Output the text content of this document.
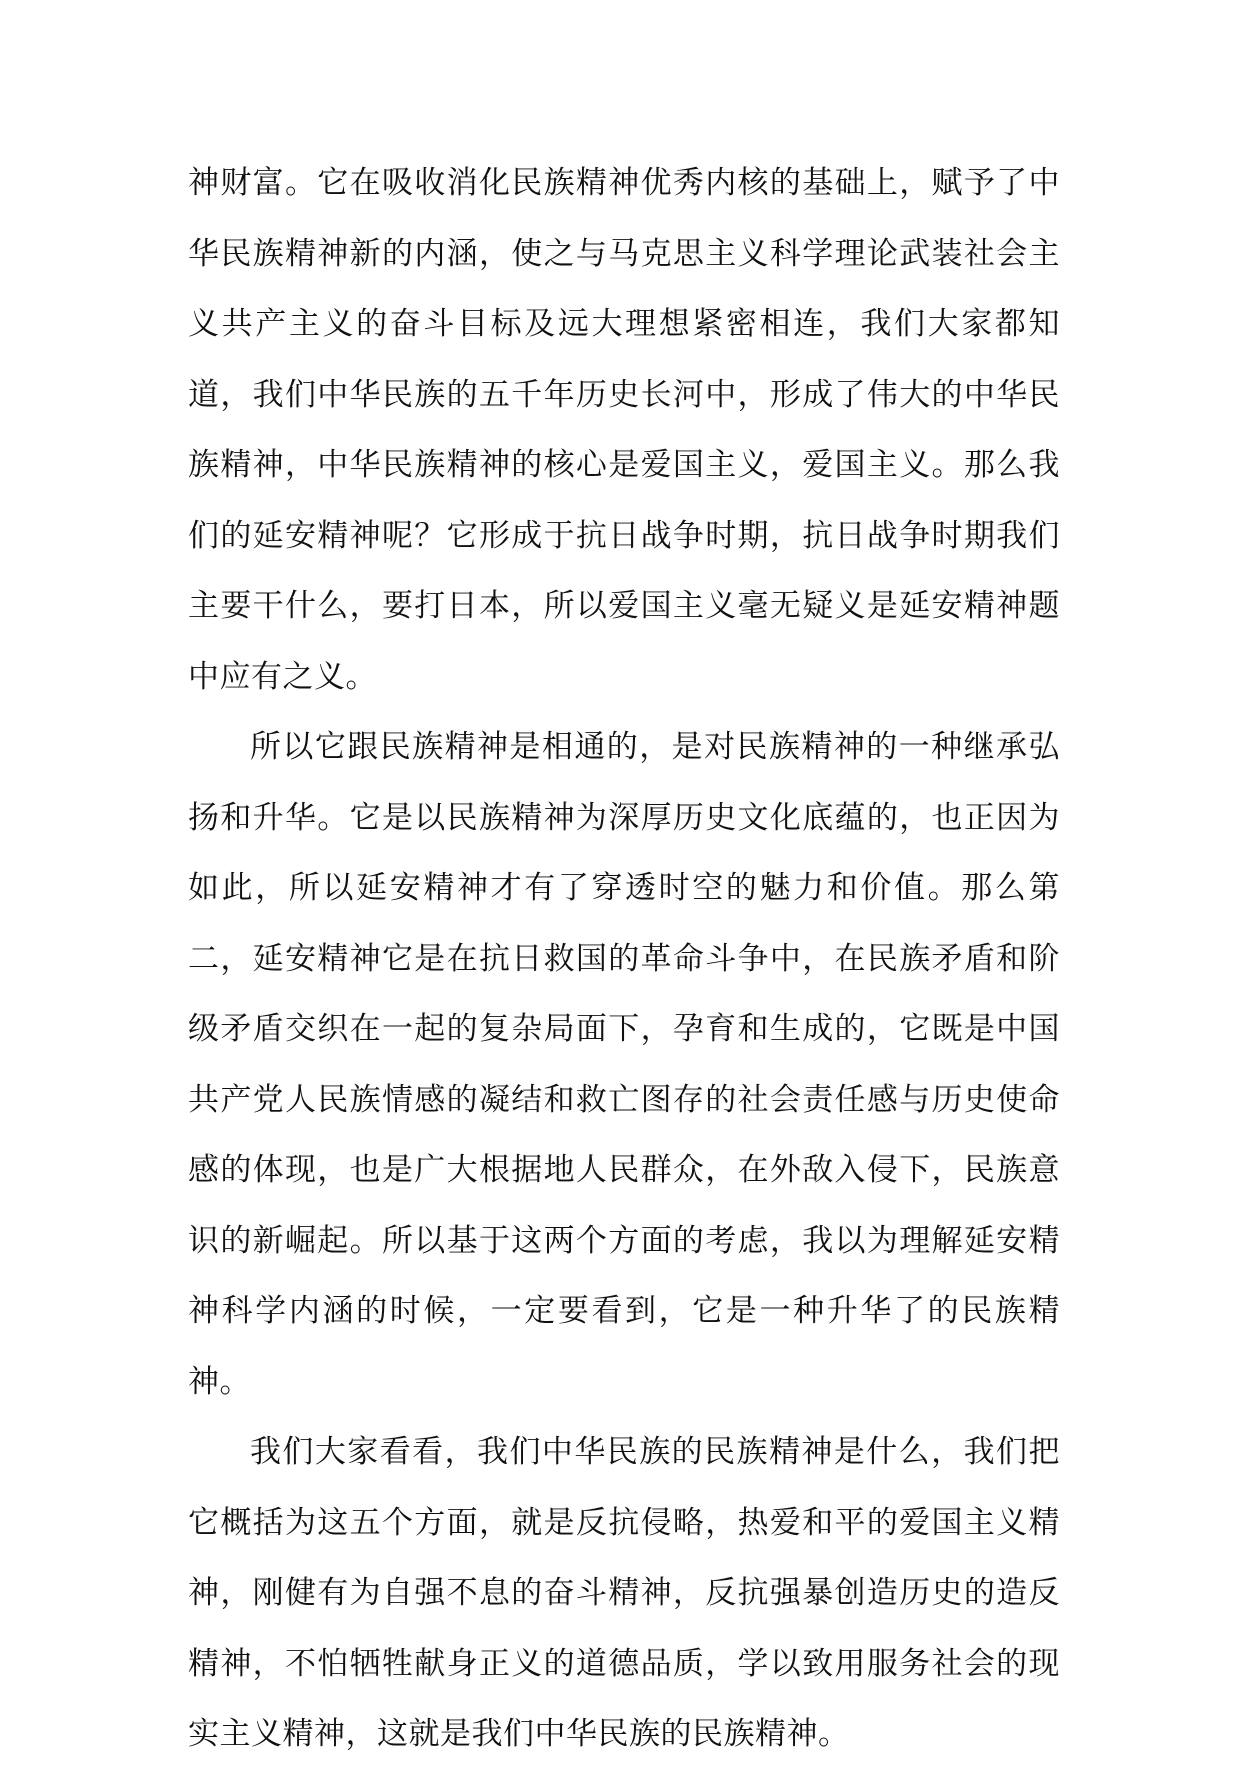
神财富。它在吸收消化民族精神优秀内核的基础上，赋予了中华民族精神新的内涵，使之与马克思主义科学理论武装社会主义共产主义的奋斗目标及远大理想紧密相连，我们大家都知道，我们中华民族的五千年历史长河中，形成了伟大的中华民族精神，中华民族精神的核心是爱国主义，爱国主义。那么我们的延安精神呢？它形成于抗日战争时期，抗日战争时期我们主要干什么，要打日本，所以爱国主义毫无疑义是延安精神题中应有之义。

所以它跟民族精神是相通的，是对民族精神的一种继承弘扬和升华。它是以民族精神为深厚历史文化底蕴的，也正因为如此，所以延安精神才有了穿透时空的魅力和价值。那么第二，延安精神它是在抗日救国的革命斗争中，在民族矛盾和阶级矛盾交织在一起的复杂局面下，孕育和生成的，它既是中国共产党人民族情感的凝结和救亡图存的社会责任感与历史使命感的体现，也是广大根据地人民群众，在外敌入侵下，民族意识的新崛起。所以基于这两个方面的考虑，我以为理解延安精神科学内涵的时候，一定要看到，它是一种升华了的民族精神。

我们大家看看，我们中华民族的民族精神是什么，我们把它概括为这五个方面，就是反抗侵略，热爱和平的爱国主义精神，刚健有为自强不息的奋斗精神，反抗强暴创造历史的造反精神，不怕牺牲献身正义的道德品质，学以致用服务社会的现实主义精神，这就是我们中华民族的民族精神。
